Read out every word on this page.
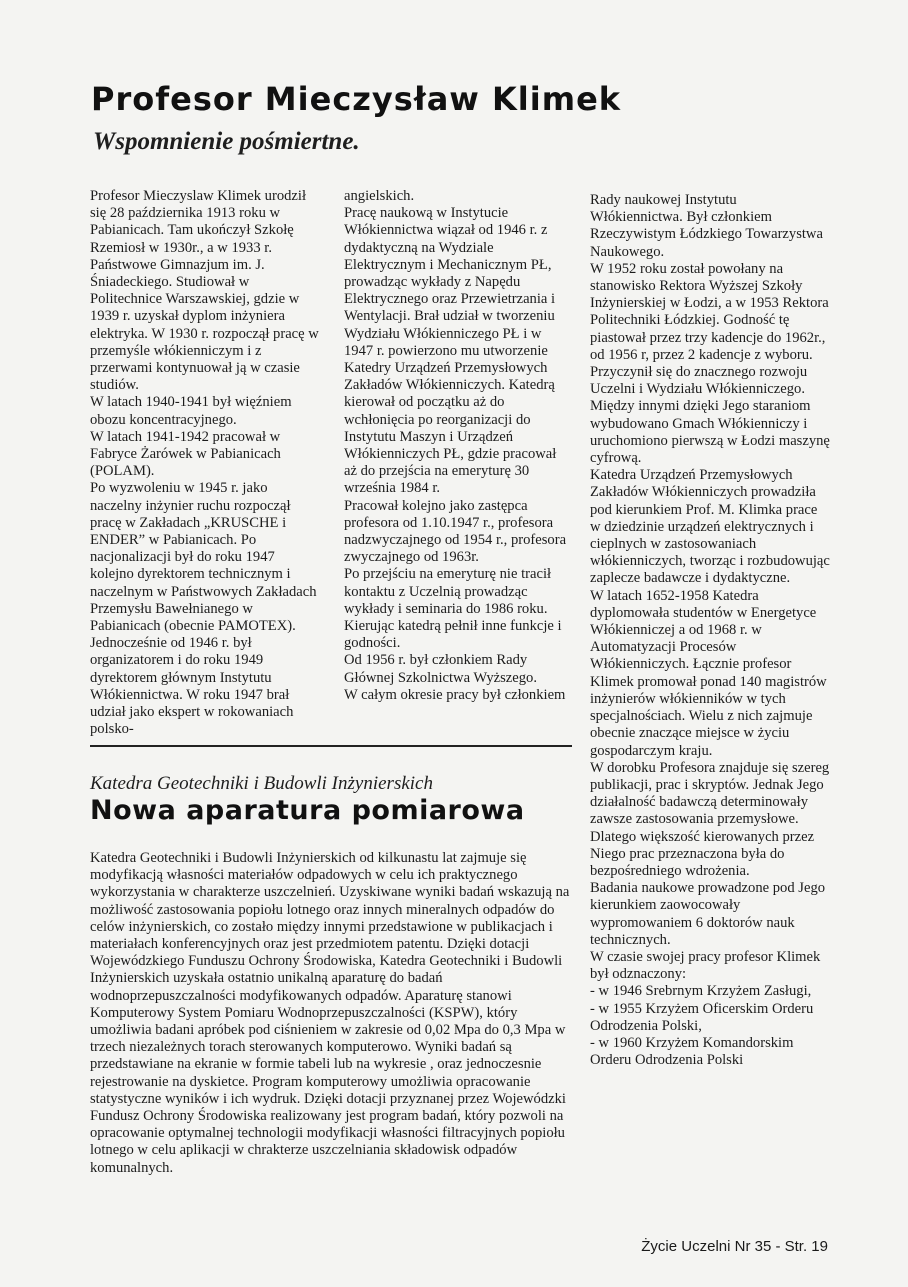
Profesor Mieczysław Klimek
Wspomnienie pośmiertne.

Profesor Mieczyslaw Klimek urodził się 28 października 1913 roku w Pabianicach. Tam ukończył Szkołę Rzemiosł w 1930r., a w 1933 r. Państwowe Gimnazjum im. J. Śniadeckiego. Studiował w Politechnice Warszawskiej, gdzie w 1939 r. uzyskał dyplom inżyniera elektryka. W 1930 r. rozpoczął pracę w przemyśle włókienniczym i z przerwami kontynuował ją w czasie studiów.

W latach 1940-1941 był więźniem obozu koncentracyjnego.

W latach 1941-1942 pracował w Fabryce Żarówek w Pabianicach (POLAM).

Po wyzwoleniu w 1945 r. jako naczelny inżynier ruchu rozpoczął pracę w Zakładach „KRUSCHE i ENDER” w Pabianicach. Po nacjonalizacji był do roku 1947 kolejno dyrektorem technicznym i naczelnym w Państwowych Zakładach Przemysłu Bawełnianego w Pabianicach (obecnie PAMOTEX). Jednocześnie od 1946 r. był organizatorem i do roku 1949 dyrektorem głównym Instytutu Włókiennictwa. W roku 1947 brał udział jako ekspert w rokowaniach polsko-

angielskich.

Pracę naukową w Instytucie Włókiennictwa wiązał od 1946 r. z dydaktyczną na Wydziale Elektrycznym i Mechanicznym PŁ, prowadząc wykłady z Napędu Elektrycznego oraz Przewietrzania i Wentylacji. Brał udział w tworzeniu Wydziału Włókienniczego PŁ i w 1947 r. powierzono mu utworzenie Katedry Urządzeń Przemysłowych Zakładów Włókienniczych. Katedrą kierował od początku aż do wchłonięcia po reorganizacji do Instytutu Maszyn i Urządzeń Włókienniczych PŁ, gdzie pracował aż do przejścia na emeryturę 30 września 1984 r.

Pracował kolejno jako zastępca profesora od 1.10.1947 r., profesora nadzwyczajnego od 1954 r., profesora zwyczajnego od 1963r.

Po przejściu na emeryturę nie tracił kontaktu z Uczelnią prowadząc wykłady i seminaria do 1986 roku.

Kierując katedrą pełnił inne funkcje i godności.

Od 1956 r. był członkiem Rady Głównej Szkolnictwa Wyższego.

W całym okresie pracy był członkiem

Rady naukowej Instytutu Włókiennictwa. Był członkiem Rzeczywistym Łódzkiego Towarzystwa Naukowego.

W 1952 roku został powołany na stanowisko Rektora Wyższej Szkoły Inżynierskiej w Łodzi, a w 1953 Rektora Politechniki Łódzkiej. Godność tę piastował przez trzy kadencje do 1962r., od 1956 r, przez 2 kadencje z wyboru.

Przyczynił się do znacznego rozwoju Uczelni i Wydziału Włókienniczego. Między innymi dzięki Jego staraniom wybudowano Gmach Włókienniczy i uruchomiono pierwszą w Łodzi maszynę cyfrową.

Katedra Urządzeń Przemysłowych Zakładów Włókienniczych prowadziła pod kierunkiem Prof. M. Klimka prace w dziedzinie urządzeń elektrycznych i cieplnych w zastosowaniach włókienniczych, tworząc i rozbudowując zaplecze badawcze i dydaktyczne.

W latach 1652-1958 Katedra dyplomowała studentów w Energetyce Włókienniczej a od 1968 r. w Automatyzacji Procesów Włókienniczych. Łącznie profesor Klimek promował ponad 140 magistrów inżynierów włókienników w tych specjalnościach. Wielu z nich zajmuje obecnie znaczące miejsce w życiu gospodarczym kraju.

W dorobku Profesora znajduje się szereg publikacji, prac i skryptów. Jednak Jego działalność badawczą determinowały zawsze zastosowania przemysłowe. Dlatego większość kierowanych przez Niego prac przeznaczona była do bezpośredniego wdrożenia.

Badania naukowe prowadzone pod Jego kierunkiem zaowocowały wypromowaniem 6 doktorów nauk technicznych.

W czasie swojej pracy profesor Klimek był odznaczony:

- w 1946 Srebrnym Krzyżem Zasługi,

- w 1955 Krzyżem Oficerskim Orderu Odrodzenia Polski,

- w 1960 Krzyżem Komandorskim Orderu Odrodzenia Polski

Katedra Geotechniki i Budowli Inżynierskich
Nowa aparatura pomiarowa

Katedra Geotechniki i Budowli Inżynierskich od kilkunastu lat zajmuje się modyfikacją własności materiałów odpadowych w celu ich praktycznego wykorzystania w charakterze uszczelnień. Uzyskiwane wyniki badań wskazują na możliwość zastosowania popiołu lotnego oraz innych mineralnych odpadów do celów inżynierskich, co zostało między innymi przedstawione w publikacjach i materiałach konferencyjnych oraz jest przedmiotem patentu. Dzięki dotacji Wojewódzkiego Funduszu Ochrony Środowiska, Katedra Geotechniki i Budowli Inżynierskich uzyskała ostatnio unikalną aparaturę do badań wodnoprzepuszczalności modyfikowanych odpadów. Aparaturę stanowi Komputerowy System Pomiaru Wodnoprzepuszczalności (KSPW), który umożliwia badani apróbek pod ciśnieniem w zakresie od 0,02 Mpa do 0,3 Mpa w trzech niezależnych torach sterowanych komputerowo. Wyniki badań są przedstawiane na ekranie w formie tabeli lub na wykresie , oraz jednoczesnie rejestrowanie na dyskietce. Program komputerowy umożliwia opracowanie statystyczne wyników i ich wydruk. Dzięki dotacji przyznanej przez Wojewódzki Fundusz Ochrony Środowiska realizowany jest program badań, który pozwoli na opracowanie optymalnej technologii modyfikacji własności filtracyjnych popiołu lotnego w celu aplikacji w chrakterze uszczelniania składowisk odpadów komunalnych.

Życie Uczelni Nr 35 - Str. 19
